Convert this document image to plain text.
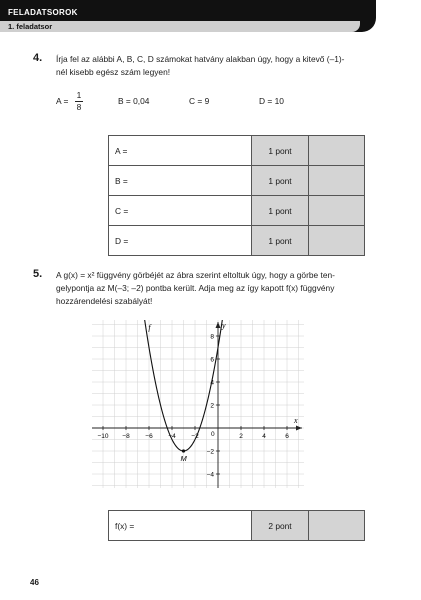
FELADATSOROK
1. feladatsor
4. Írja fel az alábbi A, B, C, D számokat hatvány alakban úgy, hogy a kitevő (–1)-
nél kisebb egész szám legyen!
A =
1
8
B = 0,04	C = 9	D = 10
A =	1 pont	
B =	1 pont	
C =	1 pont	
D =	1 pont	
5. A g(x) = x² függvény görbéjét az ábra szerint eltoltuk úgy, hogy a görbe ten-
gelypontja az M(–3; –2) pontba került. Adja meg az így kapott f(x) függvény
hozzárendelési szabályát!
−10 −8 −6 −4 −2	2	4	6
8
6
4
2
−2
−4
f
x
y
M
0
f(x) =	2 pont	
46
